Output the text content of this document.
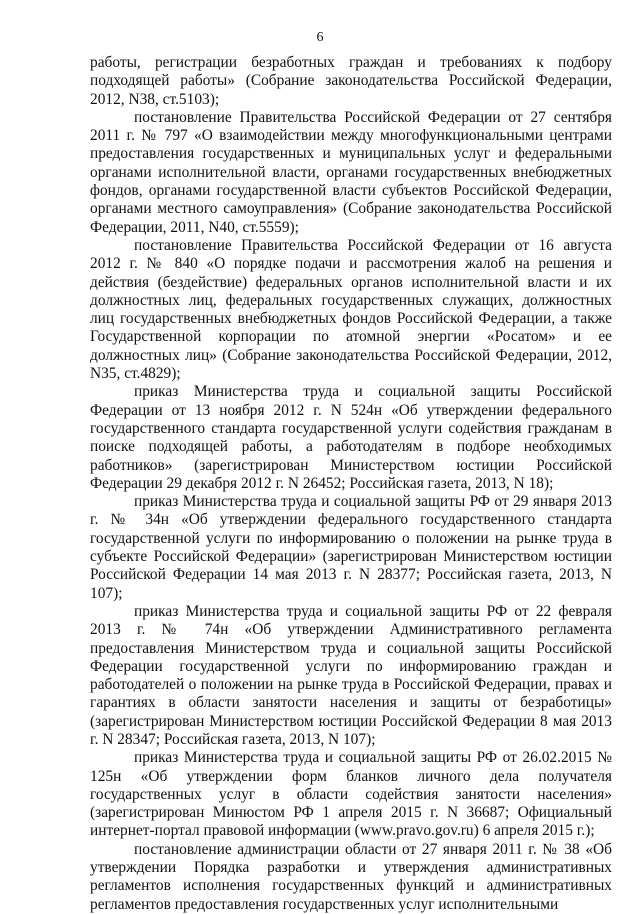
6

работы, регистрации безработных граждан и требованиях к подбору подходящей работы» (Собрание законодательства Российской Федерации, 2012, N38, ст.5103);

постановление Правительства Российской Федерации от 27 сентября 2011 г. № 797 «О взаимодействии между многофункциональными центрами предоставления государственных и муниципальных услуг и федеральными органами исполнительной власти, органами государственных внебюджетных фондов, органами государственной власти субъектов Российской Федерации, органами местного самоуправления» (Собрание законодательства Российской Федерации, 2011, N40, ст.5559);

постановление Правительства Российской Федерации от 16 августа 2012 г. № 840 «О порядке подачи и рассмотрения жалоб на решения и действия (бездействие) федеральных органов исполнительной власти и их должностных лиц, федеральных государственных служащих, должностных лиц государственных внебюджетных фондов Российской Федерации, а также Государственной корпорации по атомной энергии «Росатом» и ее должностных лиц» (Собрание законодательства Российской Федерации, 2012, N35, ст.4829);

приказ Министерства труда и социальной защиты Российской Федерации от 13 ноября 2012 г. N 524н «Об утверждении федерального государственного стандарта государственной услуги содействия гражданам в поиске подходящей работы, а работодателям в подборе необходимых работников» (зарегистрирован Министерством юстиции Российской Федерации 29 декабря 2012 г. N 26452; Российская газета, 2013, N 18);

приказ Министерства труда и социальной защиты РФ от 29 января 2013 г. № 34н «Об утверждении федерального государственного стандарта государственной услуги по информированию о положении на рынке труда в субъекте Российской Федерации» (зарегистрирован Министерством юстиции Российской Федерации 14 мая 2013 г. N 28377; Российская газета, 2013, N 107);

приказ Министерства труда и социальной защиты РФ от 22 февраля 2013 г. № 74н «Об утверждении Административного регламента предоставления Министерством труда и социальной защиты Российской Федерации государственной услуги по информированию граждан и работодателей о положении на рынке труда в Российской Федерации, правах и гарантиях в области занятости населения и защиты от безработицы» (зарегистрирован Министерством юстиции Российской Федерации 8 мая 2013 г. N 28347; Российская газета, 2013, N 107);

приказ Министерства труда и социальной защиты РФ от 26.02.2015 № 125н «Об утверждении форм бланков личного дела получателя государственных услуг в области содействия занятости населения» (зарегистрирован Минюстом РФ 1 апреля 2015 г. N 36687; Официальный интернет-портал правовой информации (www.pravo.gov.ru) 6 апреля 2015 г.);

постановление администрации области от 27 января 2011 г. № 38 «Об утверждении Порядка разработки и утверждения административных регламентов исполнения государственных функций и административных регламентов предоставления государственных услуг исполнительными
